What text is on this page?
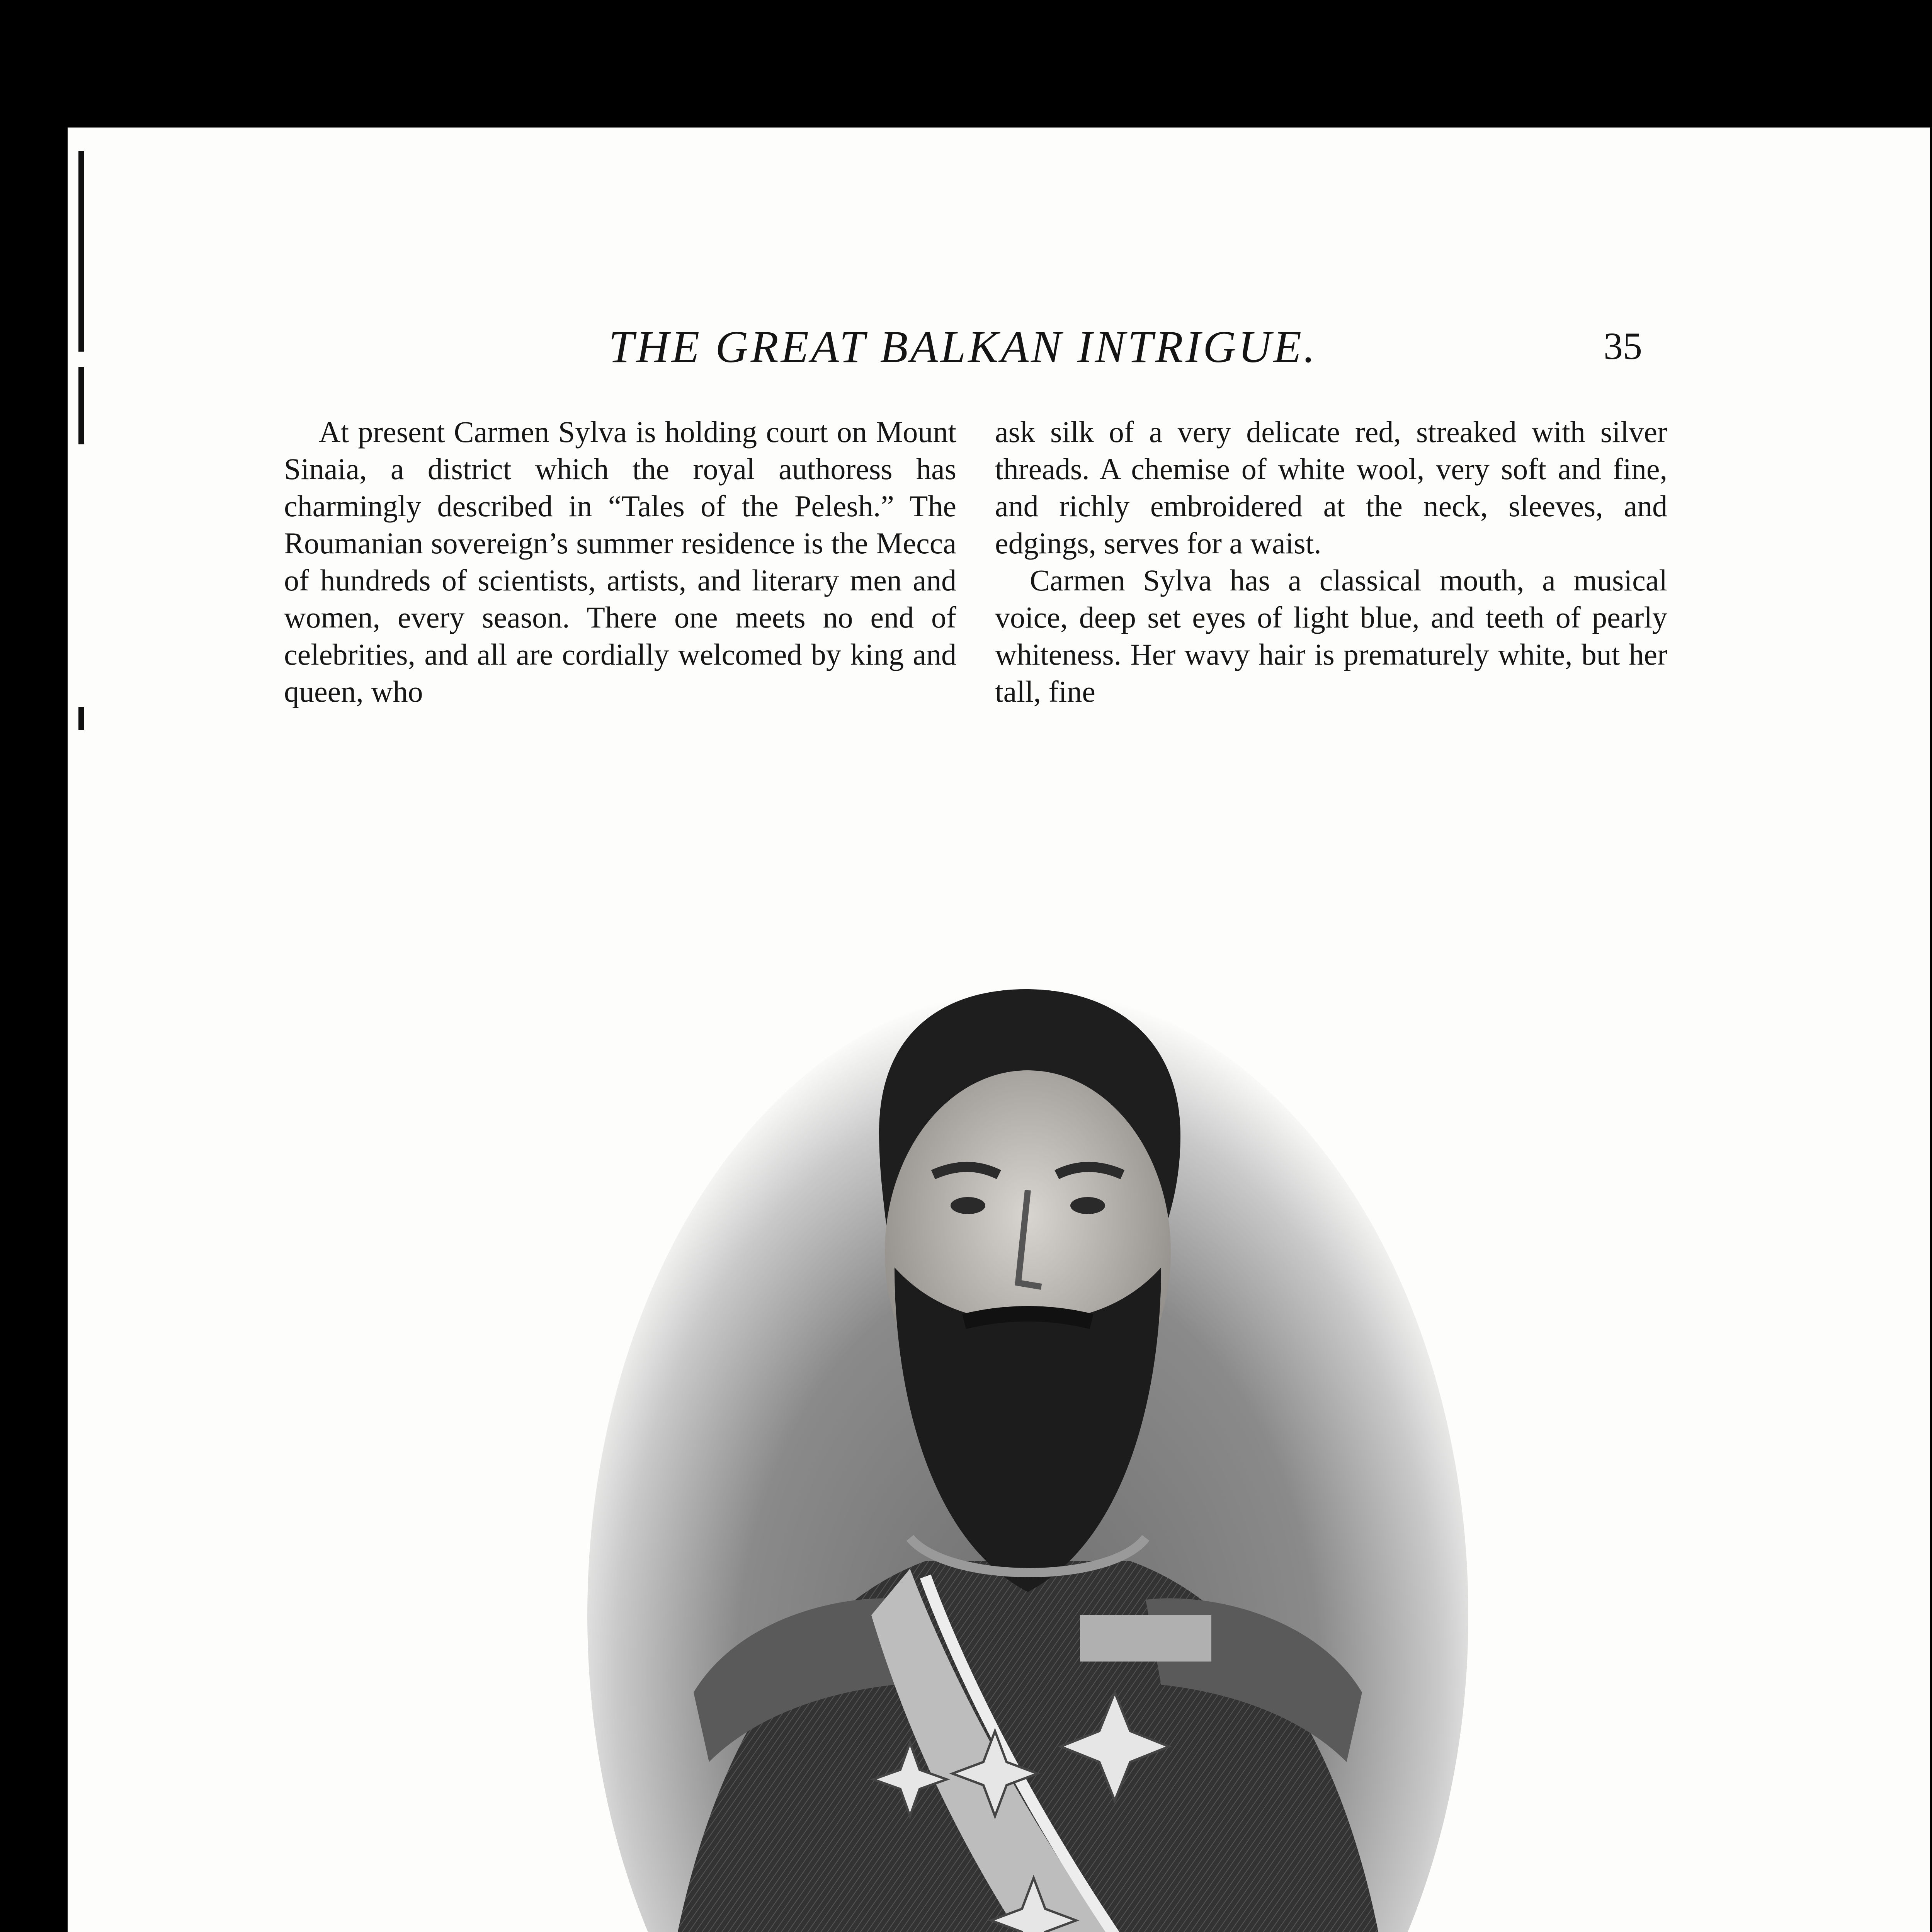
THE GREAT BALKAN INTRIGUE.	35

At present Carmen Sylva is holding court on Mount Sinaia, a district which the royal authoress has charmingly described in “Tales of the Pelesh.” The Roumanian sovereign’s summer residence is the Mecca of hundreds of scientists, artists, and literary men and women, every season. There one meets no end of celebrities, and all are cordially welcomed by king and queen, who

ask silk of a very delicate red, streaked with silver threads. A chemise of white wool, very soft and fine, and richly embroidered at the neck, sleeves, and edgings, serves for a waist.

Carmen Sylva has a classical mouth, a musical voice, deep set eyes of light blue, and teeth of pearly whiteness. Her wavy hair is prematurely white, but her tall, fine
